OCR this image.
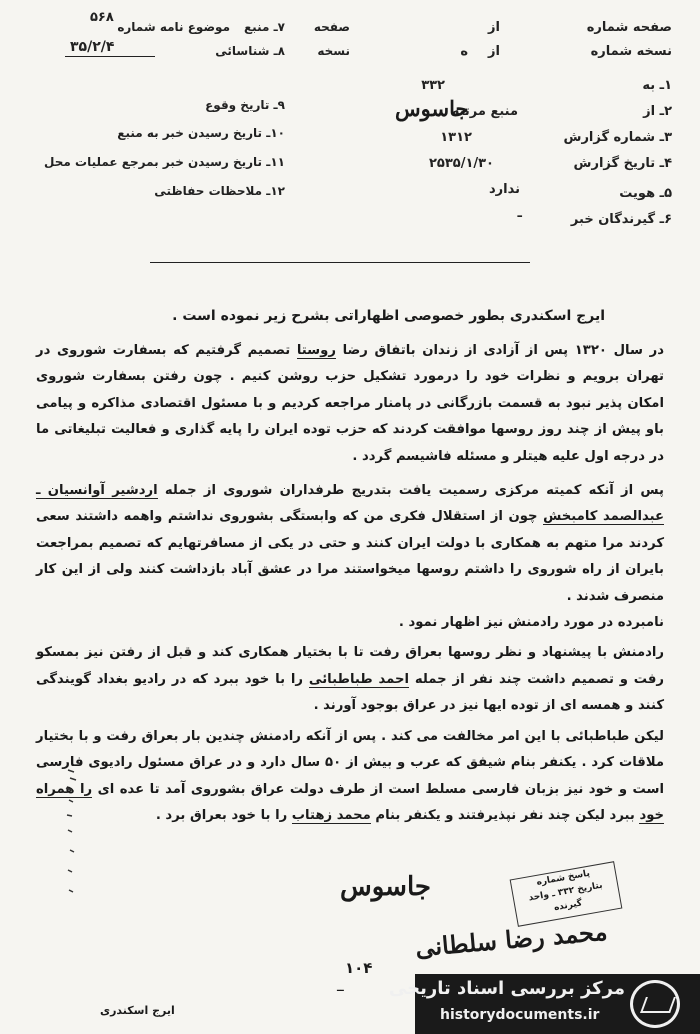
صفحه شماره
از
نسخه شماره
ه از
۱ـ به
۳۳۲
۲ـ از
منبع مرتبه
جاسوس
۳ـ شماره گزارش
۱۳۱۲
۴ـ تاریخ گزارش
۲۵۳۵/۱/۳۰
۵ـ هویت
ندارد
۶ـ گیرندگان خبر
ـ
صفحه
۷ـ منبع
نسخه
۸ـ شناسائی
موضوع نامه شماره
۵۶۸
۳۵/۲/۴
۹ـ تاریخ وقوع
۱۰ـ تاریخ رسیدن خبر به منبع
۱۱ـ تاریخ رسیدن خبر بمرجع عملیات محل
۱۲ـ ملاحظات حفاظتی
ایرج اسکندری بطور خصوصی اظهاراتی بشرح زیر نموده است .

در سال ۱۳۲۰ پس از آزادی از زندان باتفاق رضا روستا تصمیم گرفتیم که بسفارت شوروی در تهران برویم و نظرات خود را درمورد تشکیل حزب روشن کنیم . چون رفتن بسفارت شوروی امکان پذیر نبود به قسمت بازرگانی در پامنار مراجعه کردیم و با مسئول اقتصادی مذاکره و پیامی باو پیش از چند روز روسها موافقت کردند که حزب توده ایران را پایه گذاری و فعالیت تبلیغاتی ما در درجه اول علیه هیتلر و مسئله فاشیسم گردد .

پس از آنکه کمیته مرکزی رسمیت یافت بتدریج طرفداران شوروی از جمله اردشیر آوانسیان ـ عبدالصمد کامبخش چون از استقلال فکری من که وابستگی بشوروی نداشتم واهمه داشتند سعی کردند مرا متهم به همکاری با دولت ایران کنند و حتی در یکی از مسافرتهایم که تصمیم بمراجعت بایران از راه شوروی را داشتم روسها میخواستند مرا در عشق آباد بازداشت کنند ولی از این کار منصرف شدند .

نامبرده در مورد رادمنش نیز اظهار نمود .

رادمنش با پیشنهاد و نظر روسها بعراق رفت تا با بختیار همکاری کند و قبل از رفتن نیز بمسکو رفت و تصمیم داشت چند نفر از جمله احمد طباطبائی را با خود ببرد که در رادیو بغداد گویندگی کنند و همسه ای از توده ایها نیز در عراق بوجود آورند .

لیکن طباطبائی با این امر مخالفت می کند . پس از آنکه رادمنش چندین بار بعراق رفت و با بختیار ملاقات کرد . یکنفر بنام شیفق که عرب و بیش از ۵۰ سال دارد و در عراق مسئول رادیوی فارسی است و خود نیز بزبان فارسی مسلط است از طرف دولت عراق بشوروی آمد تا عده ای را همراه خود ببرد لیکن چند نفر نپذیرفتند و یکنفر بنام محمد زهتاب را با خود بعراق برد .

جاسوس
محمد رضا سلطانی
پاسخ شماره
بتاریخ ۳۳۲ ـ واحد گیرنده
۱۰۴
ــ
ایرج اسکندری
مرکز بررسی اسناد تاریخی
historydocuments.ir
